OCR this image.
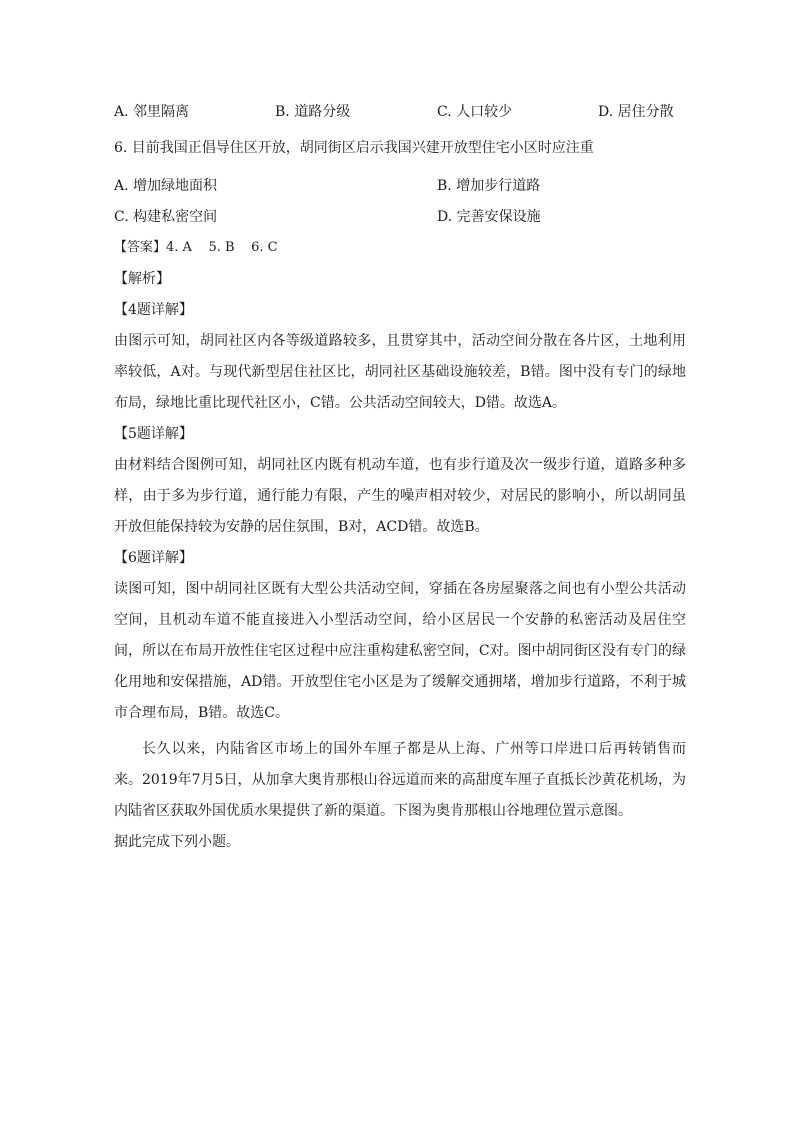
A. 邻里隔离	B. 道路分级	C. 人口较少	D. 居住分散
6. 目前我国正倡导住区开放，胡同街区启示我国兴建开放型住宅小区时应注重
A. 增加绿地面积	B. 增加步行道路
C. 构建私密空间	D. 完善安保设施
【答案】4. A    5. B    6. C
【解析】
【4题详解】
由图示可知，胡同社区内各等级道路较多，且贯穿其中，活动空间分散在各片区，土地利用率较低，A对。与现代新型居住社区比，胡同社区基础设施较差，B错。图中没有专门的绿地布局，绿地比重比现代社区小，C错。公共活动空间较大，D错。故选A。
【5题详解】
由材料结合图例可知，胡同社区内既有机动车道，也有步行道及次一级步行道，道路多种多样，由于多为步行道，通行能力有限，产生的噪声相对较少，对居民的影响小，所以胡同虽开放但能保持较为安静的居住氛围，B对，ACD错。故选B。
【6题详解】
读图可知，图中胡同社区既有大型公共活动空间，穿插在各房屋聚落之间也有小型公共活动空间，且机动车道不能直接进入小型活动空间，给小区居民一个安静的私密活动及居住空间，所以在布局开放性住宅区过程中应注重构建私密空间，C对。图中胡同街区没有专门的绿化用地和安保措施，AD错。开放型住宅小区是为了缓解交通拥堵，增加步行道路，不利于城市合理布局，B错。故选C。
长久以来，内陆省区市场上的国外车厘子都是从上海、广州等口岸进口后再转销售而来。2019年7月5日，从加拿大奥肯那根山谷远道而来的高甜度车厘子直抵长沙黄花机场，为内陆省区获取外国优质水果提供了新的渠道。下图为奥肯那根山谷地理位置示意图。
据此完成下列小题。
